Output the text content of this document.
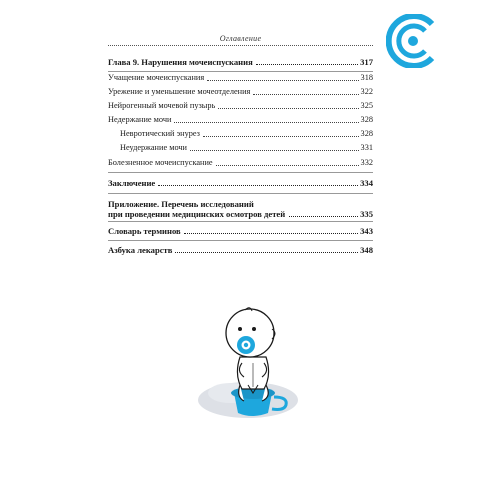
Оглавление
Глава 9. Нарушения мочеиспускания	317
Учащение мочеиспускания	318
Урежение и уменьшение мочеотделения	322
Нейрогенный мочевой пузырь	325
Недержание мочи	328
Невротический энурез	328
Неудержание мочи	331
Болезненное мочеиспускание	332
Заключение	334
Приложение. Перечень исследований
при проведении медицинских осмотров детей	335
Словарь терминов	343
Азбука лекарств	348
